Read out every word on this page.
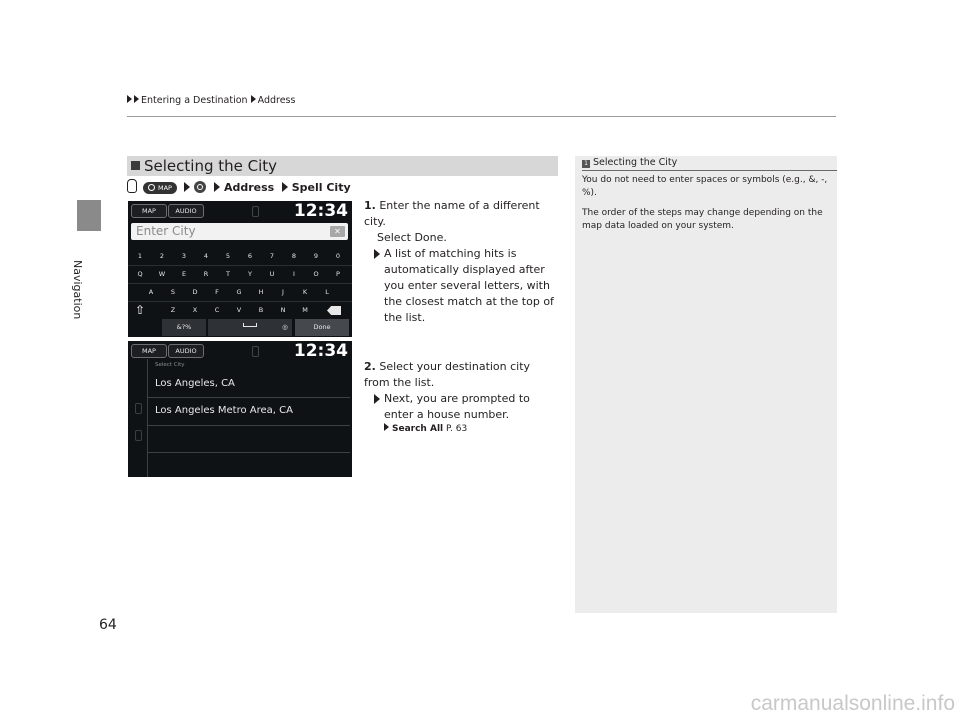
Navigation
Entering a Destination Address
Selecting the City
MAP	Address Spell City
MAP	AUDIO	12:34
Enter City	✕
1	2	3	4	5	6	7	8	9	0
Q	W	E	R	T	Y	U	I	O	P
A	S	D	F	G	H	J	K	L
⇧	Z	X	C	V	B	N	M
&?%	◎	Done
MAP	AUDIO	12:34
Select City
Los Angeles, CA
Los Angeles Metro Area, CA
1. Enter the name of a different city.
Select Done.
A list of matching hits is automatically displayed after you enter several letters, with the closest match at the top of the list.
2. Select your destination city from the list.
Next, you are prompted to enter a house number.
Search All P. 63
1 Selecting the City

You do not need to enter spaces or symbols (e.g., &, -, %).

The order of the steps may change depending on the map data loaded on your system.

64
carmanualsonline.info
